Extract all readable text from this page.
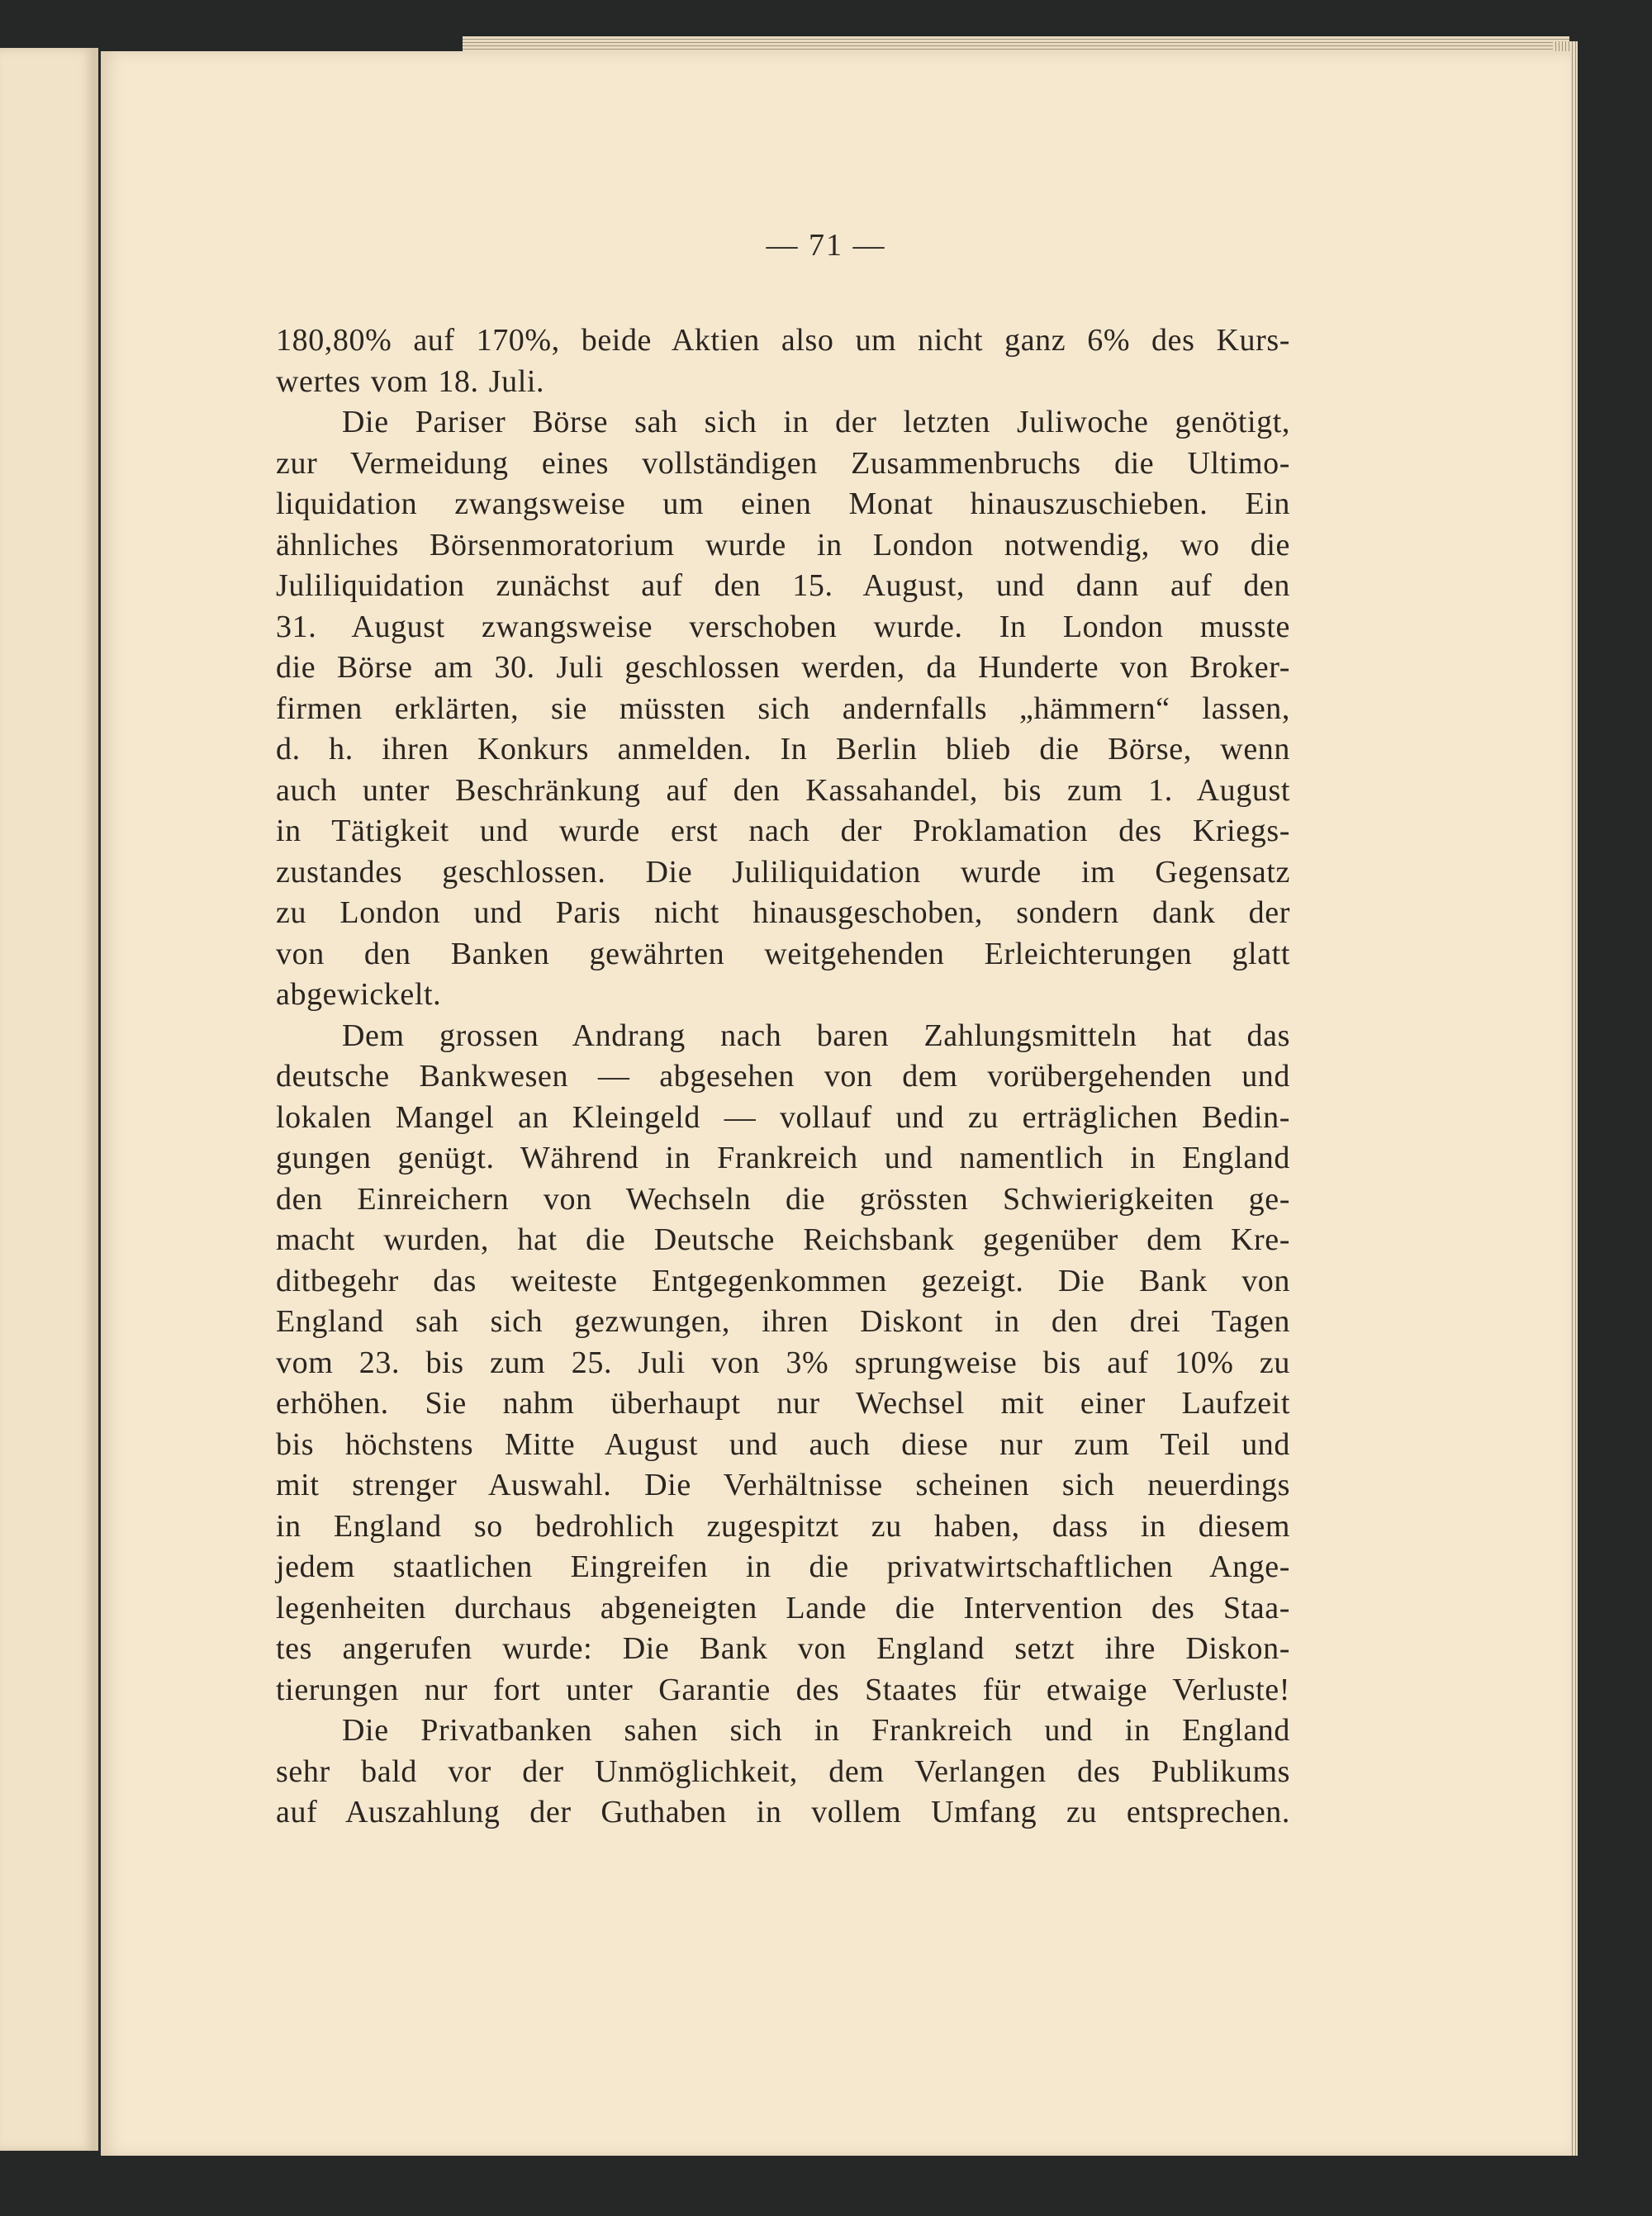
— 71 —
180,80% auf 170%, beide Aktien also um nicht ganz 6% des Kurs-
wertes vom 18. Juli.
Die Pariser Börse sah sich in der letzten Juliwoche genötigt,
zur Vermeidung eines vollständigen Zusammenbruchs die Ultimo-
liquidation zwangsweise um einen Monat hinauszuschieben. Ein
ähnliches Börsenmoratorium wurde in London notwendig, wo die
Juliliquidation zunächst auf den 15. August, und dann auf den
31. August zwangsweise verschoben wurde. In London musste
die Börse am 30. Juli geschlossen werden, da Hunderte von Broker-
firmen erklärten, sie müssten sich andernfalls „hämmern“ lassen,
d. h. ihren Konkurs anmelden. In Berlin blieb die Börse, wenn
auch unter Beschränkung auf den Kassahandel, bis zum 1. August
in Tätigkeit und wurde erst nach der Proklamation des Kriegs-
zustandes geschlossen. Die Juliliquidation wurde im Gegensatz
zu London und Paris nicht hinausgeschoben, sondern dank der
von den Banken gewährten weitgehenden Erleichterungen glatt
abgewickelt.
Dem grossen Andrang nach baren Zahlungsmitteln hat das
deutsche Bankwesen — abgesehen von dem vorübergehenden und
lokalen Mangel an Kleingeld — vollauf und zu erträglichen Bedin-
gungen genügt. Während in Frankreich und namentlich in England
den Einreichern von Wechseln die grössten Schwierigkeiten ge-
macht wurden, hat die Deutsche Reichsbank gegenüber dem Kre-
ditbegehr das weiteste Entgegenkommen gezeigt. Die Bank von
England sah sich gezwungen, ihren Diskont in den drei Tagen
vom 23. bis zum 25. Juli von 3% sprungweise bis auf 10% zu
erhöhen. Sie nahm überhaupt nur Wechsel mit einer Laufzeit
bis höchstens Mitte August und auch diese nur zum Teil und
mit strenger Auswahl. Die Verhältnisse scheinen sich neuerdings
in England so bedrohlich zugespitzt zu haben, dass in diesem
jedem staatlichen Eingreifen in die privatwirtschaftlichen Ange-
legenheiten durchaus abgeneigten Lande die Intervention des Staa-
tes angerufen wurde: Die Bank von England setzt ihre Diskon-
tierungen nur fort unter Garantie des Staates für etwaige Verluste!
Die Privatbanken sahen sich in Frankreich und in England
sehr bald vor der Unmöglichkeit, dem Verlangen des Publikums
auf Auszahlung der Guthaben in vollem Umfang zu entsprechen.
